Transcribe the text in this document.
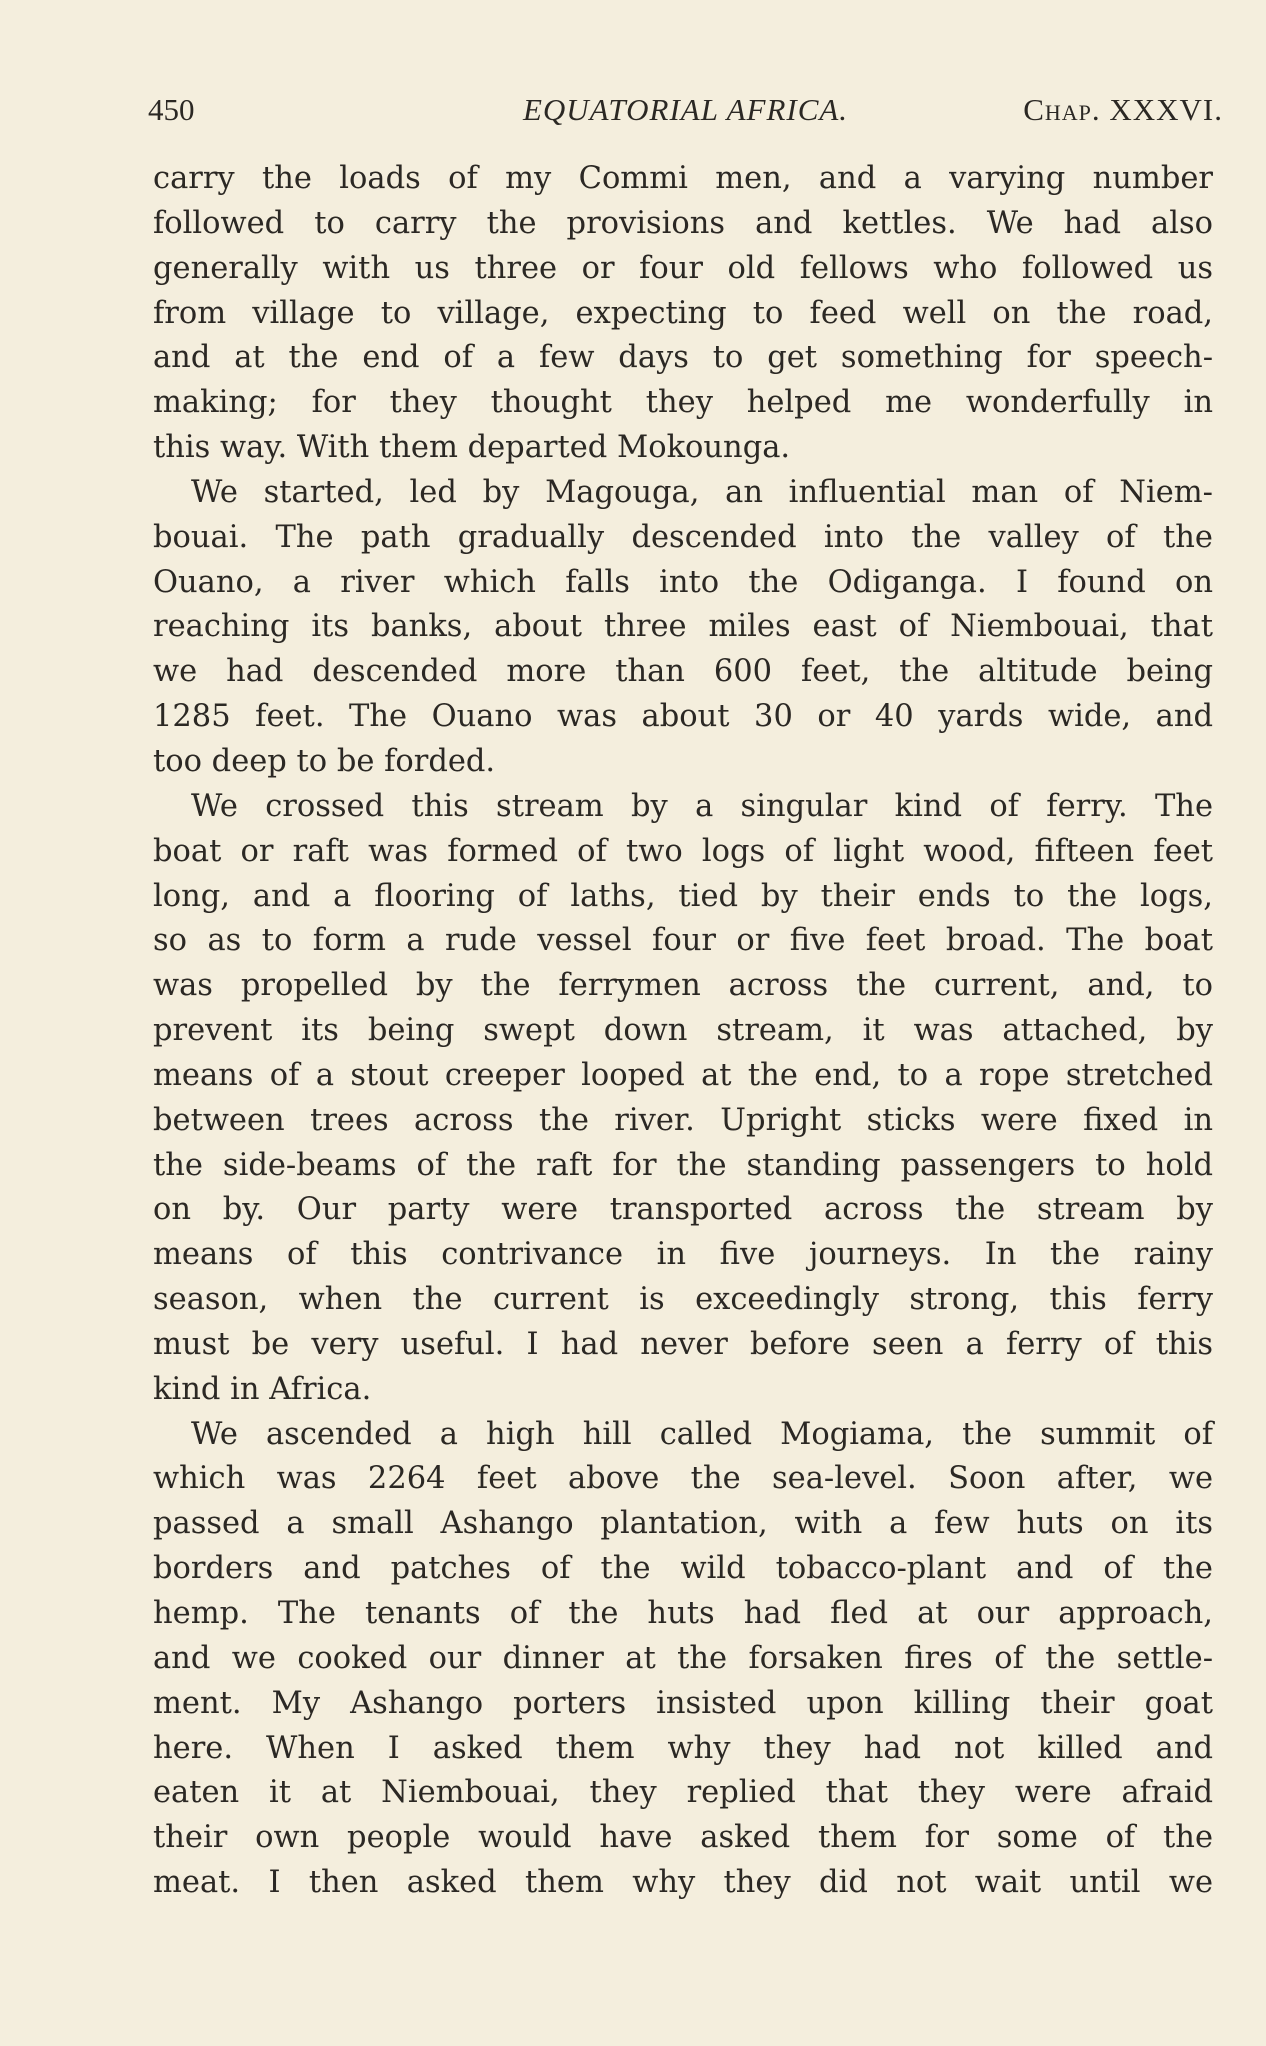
450	EQUATORIAL AFRICA.	Chap. XXXVI.
carry the loads of my Commi men, and a varying number
followed to carry the provisions and kettles. We had also
generally with us three or four old fellows who followed us
from village to village, expecting to feed well on the road,
and at the end of a few days to get something for speech-
making; for they thought they helped me wonderfully in
this way. With them departed Mokounga.
We started, led by Magouga, an influential man of Niem-
bouai. The path gradually descended into the valley of the
Ouano, a river which falls into the Odiganga. I found on
reaching its banks, about three miles east of Niembouai, that
we had descended more than 600 feet, the altitude being
1285 feet. The Ouano was about 30 or 40 yards wide, and
too deep to be forded.
We crossed this stream by a singular kind of ferry. The
boat or raft was formed of two logs of light wood, fifteen feet
long, and a flooring of laths, tied by their ends to the logs,
so as to form a rude vessel four or five feet broad. The boat
was propelled by the ferrymen across the current, and, to
prevent its being swept down stream, it was attached, by
means of a stout creeper looped at the end, to a rope stretched
between trees across the river. Upright sticks were fixed in
the side-beams of the raft for the standing passengers to hold
on by. Our party were transported across the stream by
means of this contrivance in five journeys. In the rainy
season, when the current is exceedingly strong, this ferry
must be very useful. I had never before seen a ferry of this
kind in Africa.
We ascended a high hill called Mogiama, the summit of
which was 2264 feet above the sea-level. Soon after, we
passed a small Ashango plantation, with a few huts on its
borders and patches of the wild tobacco-plant and of the
hemp. The tenants of the huts had fled at our approach,
and we cooked our dinner at the forsaken fires of the settle-
ment. My Ashango porters insisted upon killing their goat
here. When I asked them why they had not killed and
eaten it at Niembouai, they replied that they were afraid
their own people would have asked them for some of the
meat. I then asked them why they did not wait until we
